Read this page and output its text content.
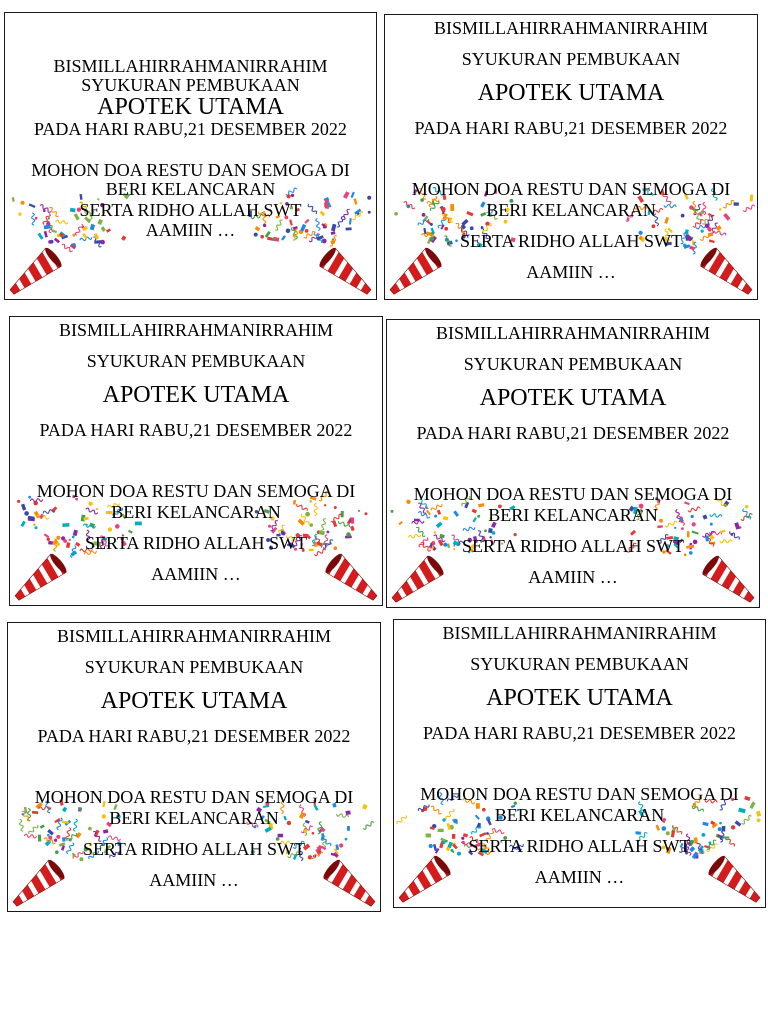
BISMILLAHIRRAHMANIRRAHIM
SYUKURAN PEMBUKAAN
APOTEK UTAMA
PADA HARI RABU,21 DESEMBER 2022
MOHON DOA RESTU DAN SEMOGA DI
BERI KELANCARAN
SERTA RIDHO ALLAH SWT
AAMIIN …
BISMILLAHIRRAHMANIRRAHIM
SYUKURAN PEMBUKAAN
APOTEK UTAMA
PADA HARI RABU,21 DESEMBER 2022
MOHON DOA RESTU DAN SEMOGA DI
BERI KELANCARAN
SERTA RIDHO ALLAH SWT
AAMIIN …
BISMILLAHIRRAHMANIRRAHIM
SYUKURAN PEMBUKAAN
APOTEK UTAMA
PADA HARI RABU,21 DESEMBER 2022
MOHON DOA RESTU DAN SEMOGA DI
BERI KELANCARAN
SERTA RIDHO ALLAH SWT
AAMIIN …
BISMILLAHIRRAHMANIRRAHIM
SYUKURAN PEMBUKAAN
APOTEK UTAMA
PADA HARI RABU,21 DESEMBER 2022
MOHON DOA RESTU DAN SEMOGA DI
BERI KELANCARAN
SERTA RIDHO ALLAH SWT
AAMIIN …
BISMILLAHIRRAHMANIRRAHIM
SYUKURAN PEMBUKAAN
APOTEK UTAMA
PADA HARI RABU,21 DESEMBER 2022
MOHON DOA RESTU DAN SEMOGA DI
BERI KELANCARAN
SERTA RIDHO ALLAH SWT
AAMIIN …
BISMILLAHIRRAHMANIRRAHIM
SYUKURAN PEMBUKAAN
APOTEK UTAMA
PADA HARI RABU,21 DESEMBER 2022
MOHON DOA RESTU DAN SEMOGA DI
BERI KELANCARAN
SERTA RIDHO ALLAH SWT
AAMIIN …
